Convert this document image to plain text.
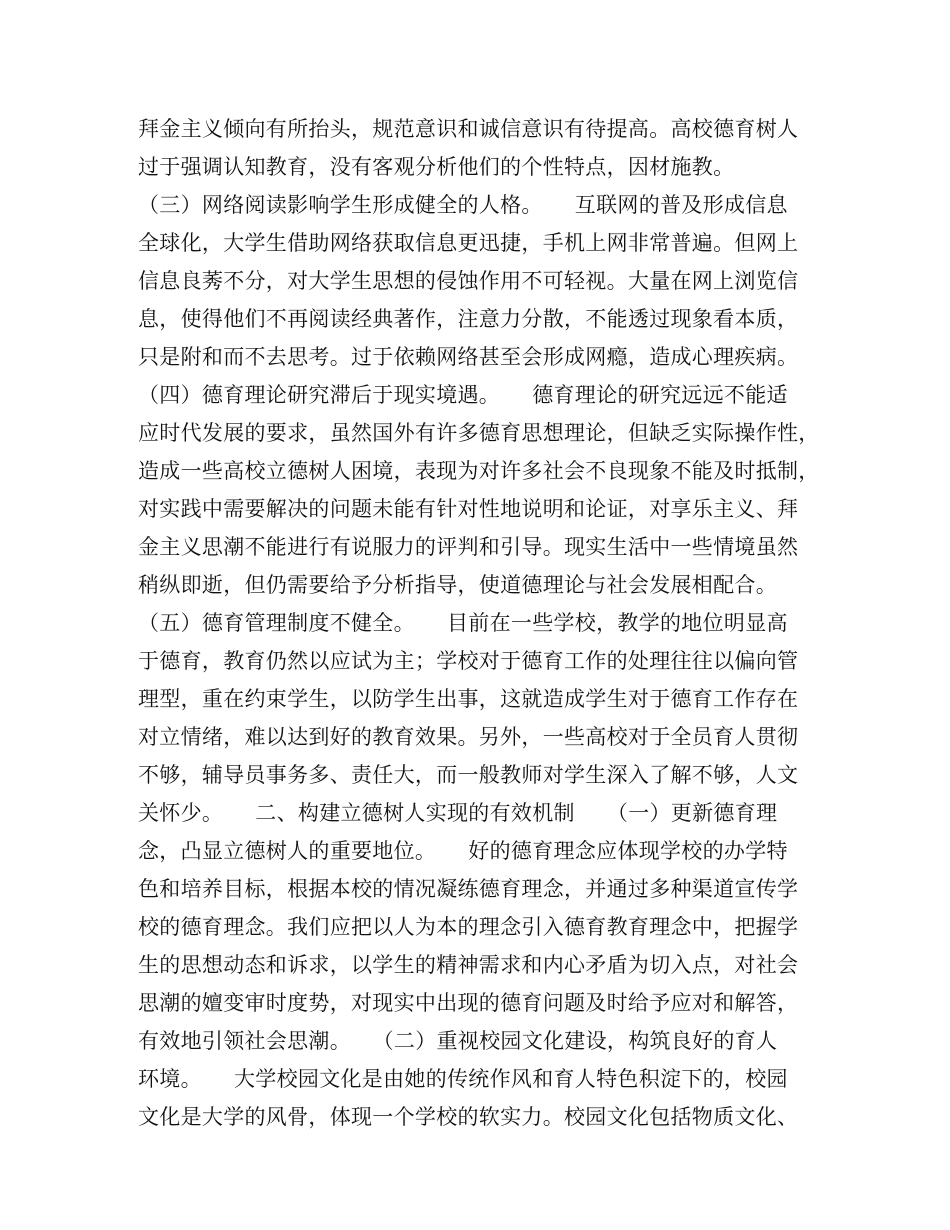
拜金主义倾向有所抬头，规范意识和诚信意识有待提高。高校德育树人
过于强调认知教育，没有客观分析他们的个性特点，因材施教。
（三）网络阅读影响学生形成健全的人格。　　互联网的普及形成信息
全球化，大学生借助网络获取信息更迅捷，手机上网非常普遍。但网上
信息良莠不分，对大学生思想的侵蚀作用不可轻视。大量在网上浏览信
息，使得他们不再阅读经典著作，注意力分散，不能透过现象看本质，
只是附和而不去思考。过于依赖网络甚至会形成网瘾，造成心理疾病。
（四）德育理论研究滞后于现实境遇。　　德育理论的研究远远不能适
应时代发展的要求，虽然国外有许多德育思想理论，但缺乏实际操作性，
造成一些高校立德树人困境，表现为对许多社会不良现象不能及时抵制，
对实践中需要解决的问题未能有针对性地说明和论证，对享乐主义、拜
金主义思潮不能进行有说服力的评判和引导。现实生活中一些情境虽然
稍纵即逝，但仍需要给予分析指导，使道德理论与社会发展相配合。
（五）德育管理制度不健全。　　目前在一些学校，教学的地位明显高
于德育，教育仍然以应试为主；学校对于德育工作的处理往往以偏向管
理型，重在约束学生，以防学生出事，这就造成学生对于德育工作存在
对立情绪，难以达到好的教育效果。另外，一些高校对于全员育人贯彻
不够，辅导员事务多、责任大，而一般教师对学生深入了解不够，人文
关怀少。　　二、构建立德树人实现的有效机制　　（一）更新德育理
念，凸显立德树人的重要地位。　　好的德育理念应体现学校的办学特
色和培养目标，根据本校的情况凝练德育理念，并通过多种渠道宣传学
校的德育理念。我们应把以人为本的理念引入德育教育理念中，把握学
生的思想动态和诉求，以学生的精神需求和内心矛盾为切入点，对社会
思潮的嬗变审时度势，对现实中出现的德育问题及时给予应对和解答，
有效地引领社会思潮。　　（二）重视校园文化建设，构筑良好的育人
环境。　　大学校园文化是由她的传统作风和育人特色积淀下的，校园
文化是大学的风骨，体现一个学校的软实力。校园文化包括物质文化、
